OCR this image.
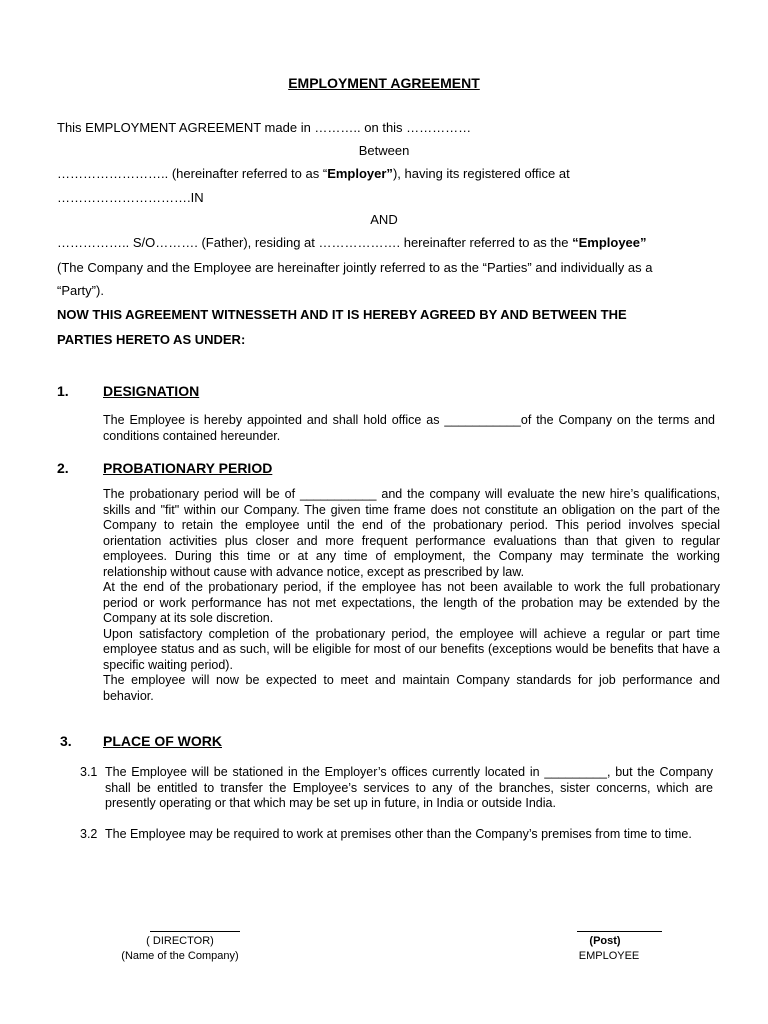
EMPLOYMENT AGREEMENT
This EMPLOYMENT AGREEMENT made in ……….. on this ……………
Between
…………………….. (hereinafter referred to as “Employer”), having its registered office at
………………………….IN
AND
…………….. S/O………. (Father), residing at ………………. hereinafter referred to as the “Employee”
(The Company and the Employee are hereinafter jointly referred to as the “Parties” and individually as a
“Party”).
NOW THIS AGREEMENT WITNESSETH AND IT IS HEREBY AGREED BY AND BETWEEN THE
PARTIES HERETO AS UNDER:
1. DESIGNATION
The Employee is hereby appointed and shall hold office as ___________of the Company on the terms and conditions contained hereunder.
2. PROBATIONARY PERIOD

The probationary period will be of ___________ and the company will evaluate the new hire’s qualifications, skills and "fit" within our Company. The given time frame does not constitute an obligation on the part of the Company to retain the employee until the end of the probationary period. This period involves special orientation activities plus closer and more frequent performance evaluations than that given to regular employees. During this time or at any time of employment, the Company may terminate the working relationship without cause with advance notice, except as prescribed by law.

At the end of the probationary period, if the employee has not been available to work the full probationary period or work performance has not met expectations, the length of the probation may be extended by the Company at its sole discretion.

Upon satisfactory completion of the probationary period, the employee will achieve a regular or part time employee status and as such, will be eligible for most of our benefits (exceptions would be benefits that have a specific waiting period).

The employee will now be expected to meet and maintain Company standards for job performance and behavior.

3. PLACE OF WORK
3.1 The Employee will be stationed in the Employer’s offices currently located in _________, but the Company shall be entitled to transfer the Employee’s services to any of the branches, sister concerns, which are presently operating or that which may be set up in future, in India or outside India.
3.2 The Employee may be required to work at premises other than the Company’s premises from time to time.
( DIRECTOR)
(Name of the Company)
(Post)
EMPLOYEE
